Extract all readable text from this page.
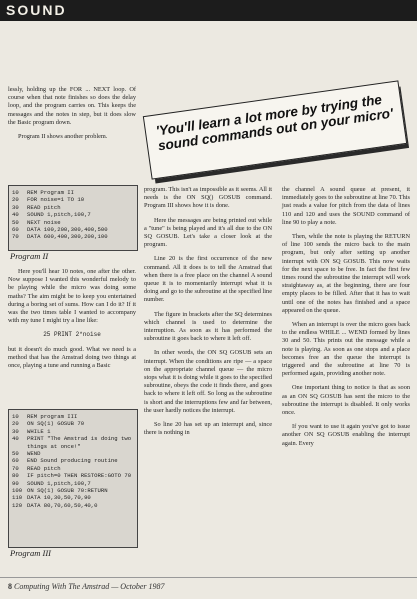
SOUND
'You'll learn a lot more by trying the sound commands out on your micro'

lessly, holding up the FOR ... NEXT loop. Of course when that note finishes so does the delay loop, and the program carries on. This keeps the messages and the notes in step, but it does slow the Basic program down.

Program II shows another problem.

10	REM Program II
20	FOR noise=1 TO 10
30	READ pitch
40	SOUND 1,pitch,100,7
50	NEXT noise
60	DATA 100,200,300,400,500
70	DATA 600,400,300,200,100
Program II

Here you'll hear 10 notes, one after the other. Now suppose I wanted this wonderful melody to be playing while the micro was doing some maths? The aim might be to keep you entertained during a boring set of sums. How can I do it? If it was the two times table I wanted to accompany with my tune I might try a line like:

25 PRINT 2*noise

but it doesn't do much good. What we need is a method that has the Amstrad doing two things at once, playing a tune and running a Basic

10	REM program III
20	ON SQ(1) GOSUB 70
30	WHILE 1
40	PRINT "The Amstrad is doing two things at once!"
50	WEND
60	END Sound producing routine
70	READ pitch
80	IF pitch=0 THEN RESTORE:GOTO 70
90	SOUND 1,pitch,100,7
100 ON SQ(1) GOSUB 70:RETURN
110 DATA 10,30,50,70,90
120 DATA 80,70,60,50,40,0
Program III

program. This isn't as impossible as it seems. All it needs is the ON SQ() GOSUB command. Program III shows how it is done.

Here the messages are being printed out while a "tune" is being played and it's all due to the ON SQ GOSUB. Let's take a closer look at the program.

Line 20 is the first occurrence of the new command. All it does is to tell the Amstrad that when there is a free place on the channel A sound queue it is to momentarily interrupt what it is doing and go to the subroutine at the specified line number.

The figure in brackets after the SQ determines which channel is used to determine the interruption. As soon as it has performed the subroutine it goes back to where it left off.

In other words, the ON SQ GOSUB sets an interrupt. When the conditions are ripe — a space on the appropriate channel queue — the micro stops what it is doing while it goes to the specified subroutine, obeys the code it finds there, and goes back to where it left off. So long as the subroutine is short and the interruptions few and far between, the user hardly notices the interrupt.

So line 20 has set up an interrupt and, since there is nothing in

the channel A sound queue at present, it immediately goes to the subroutine at line 70. This just reads a value for pitch from the data of lines 110 and 120 and uses the SOUND command of line 90 to play a note.

Then, while the note is playing the RETURN of line 100 sends the micro back to the main program, but only after setting up another interrupt with ON SQ GOSUB. This now waits for the next space to be free. In fact the first few times round the subroutine the interrupt will work straightaway as, at the beginning, there are four empty places to be filled. After that it has to wait until one of the notes has finished and a space appeared on the queue.

When an interrupt is over the micro goes back to the endless WHILE ... WEND formed by lines 30 and 50. This prints out the message while a note is playing. As soon as one stops and a place becomes free an the queue the interrupt is triggered and the subroutine at line 70 is performed again, providing another note.

One important thing to notice is that as soon as an ON SQ GOSUB has sent the micro to the subroutine the interrupt is disabled. It only works once.

If you want to use it again you've got to issue another ON SQ GOSUB enabling the interrupt again. Every

8 Computing With The Amstrad — October 1987
